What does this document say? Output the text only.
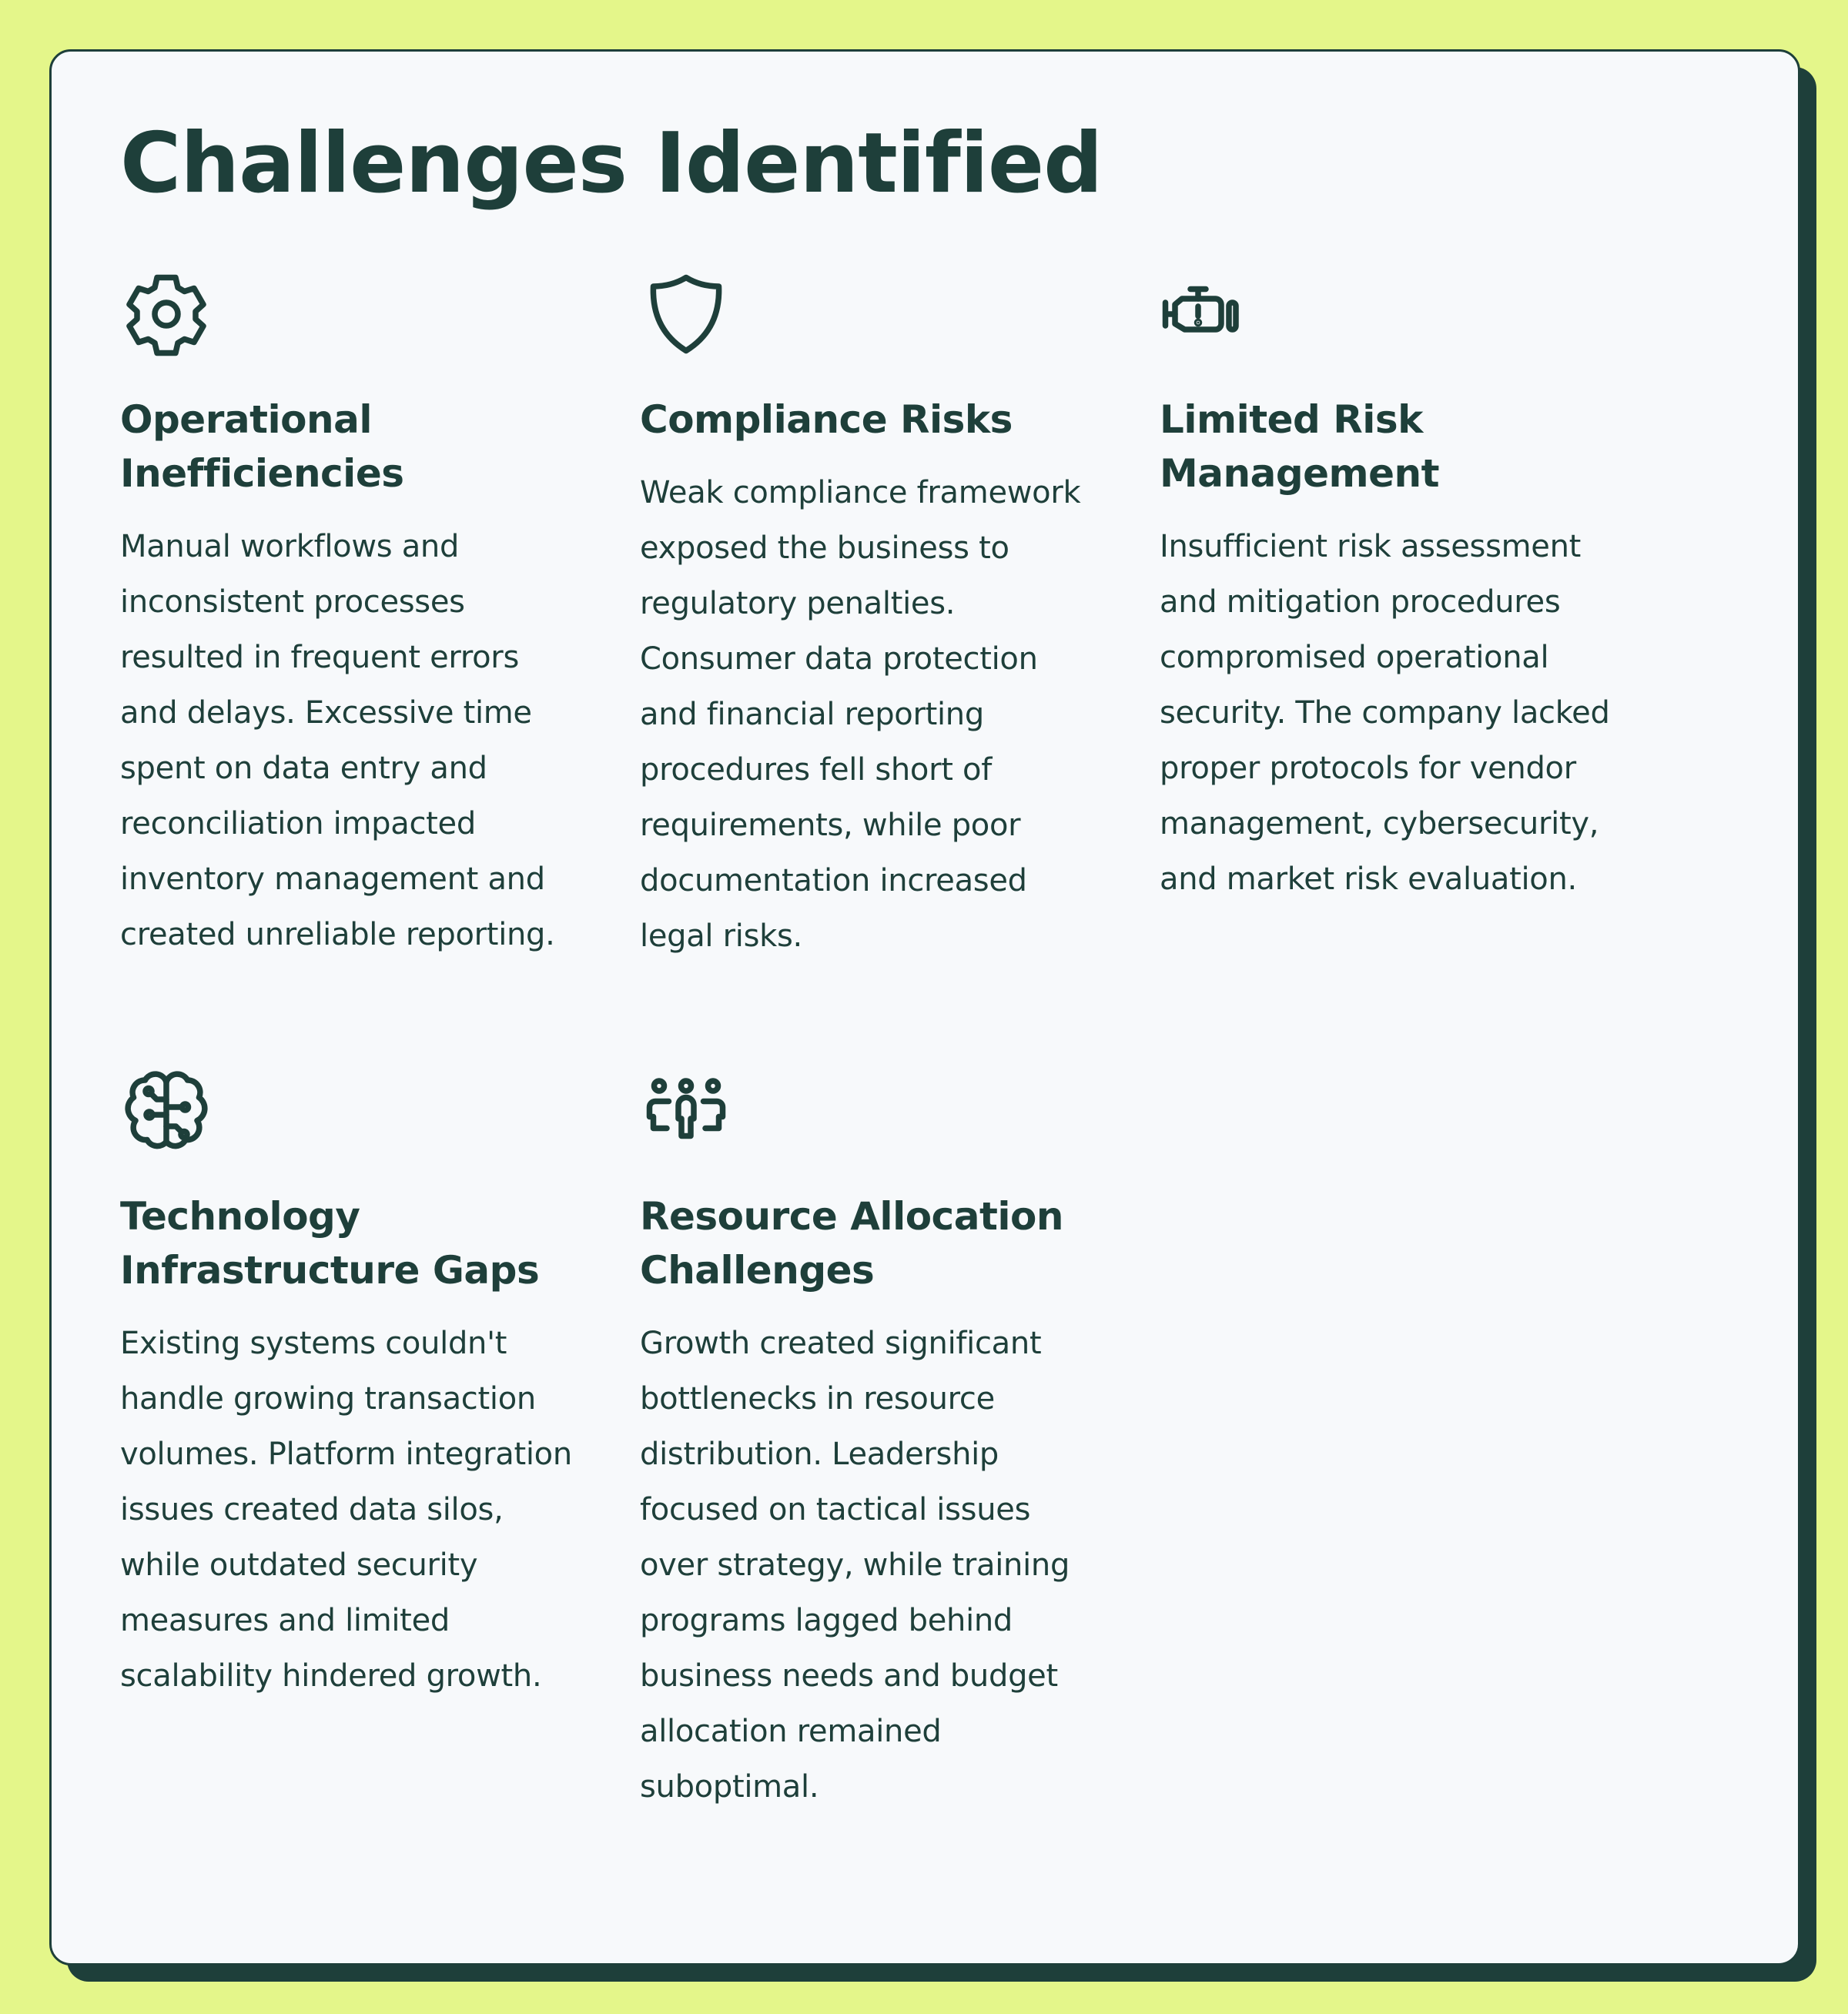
Challenges Identified
Operational Inefficiencies

Manual workflows and inconsistent processes resulted in frequent errors and delays. Excessive time spent on data entry and reconciliation impacted inventory management and created unreliable reporting.

Compliance Risks

Weak compliance framework exposed the business to regulatory penalties. Consumer data protection and financial reporting procedures fell short of requirements, while poor documentation increased legal risks.

Limited Risk Management

Insufficient risk assessment and mitigation procedures compromised operational security. The company lacked proper protocols for vendor management, cybersecurity, and market risk evaluation.

Technology Infrastructure Gaps

Existing systems couldn't handle growing transaction volumes. Platform integration issues created data silos, while outdated security measures and limited scalability hindered growth.

Resource Allocation Challenges

Growth created significant bottlenecks in resource distribution. Leadership focused on tactical issues over strategy, while training programs lagged behind business needs and budget allocation remained suboptimal.
